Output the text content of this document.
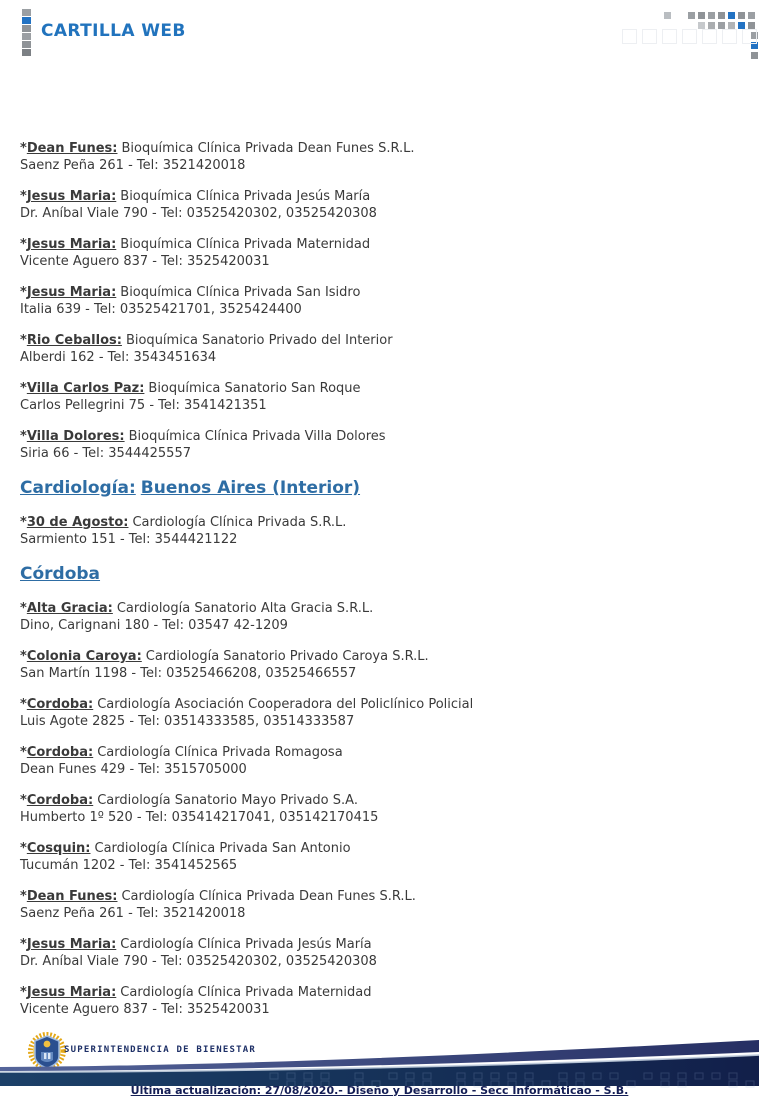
CARTILLA WEB

*Dean Funes: Bioquímica Clínica Privada Dean Funes S.R.L.
Saenz Peña 261 - Tel: 3521420018

*Jesus Maria: Bioquímica Clínica Privada Jesús María
Dr. Aníbal Viale 790 - Tel: 03525420302, 03525420308

*Jesus Maria: Bioquímica Clínica Privada Maternidad
Vicente Aguero 837 - Tel: 3525420031

*Jesus Maria: Bioquímica Clínica Privada San Isidro
Italia 639 - Tel: 03525421701, 3525424400

*Rio Ceballos: Bioquímica Sanatorio Privado del Interior
Alberdi 162 - Tel: 3543451634

*Villa Carlos Paz: Bioquímica Sanatorio San Roque
Carlos Pellegrini 75 - Tel: 3541421351

*Villa Dolores: Bioquímica Clínica Privada Villa Dolores
Siria 66 - Tel: 3544425557

Cardiología: Buenos Aires (Interior)

*30 de Agosto: Cardiología Clínica Privada S.R.L.
Sarmiento 151 - Tel: 3544421122

Córdoba

*Alta Gracia: Cardiología Sanatorio Alta Gracia S.R.L.
Dino, Carignani 180 - Tel: 03547 42-1209

*Colonia Caroya: Cardiología Sanatorio Privado Caroya S.R.L.
San Martín 1198 - Tel: 03525466208, 03525466557

*Cordoba: Cardiología Asociación Cooperadora del Policlínico Policial
Luis Agote 2825 - Tel: 03514333585, 03514333587

*Cordoba: Cardiología Clínica Privada Romagosa
Dean Funes 429 - Tel: 3515705000

*Cordoba: Cardiología Sanatorio Mayo Privado S.A.
Humberto 1º 520 - Tel: 035414217041, 035142170415

*Cosquin: Cardiología Clínica Privada San Antonio
Tucumán 1202 - Tel: 3541452565

*Dean Funes: Cardiología Clínica Privada Dean Funes S.R.L.
Saenz Peña 261 - Tel: 3521420018

*Jesus Maria: Cardiología Clínica Privada Jesús María
Dr. Aníbal Viale 790 - Tel: 03525420302, 03525420308

*Jesus Maria: Cardiología Clínica Privada Maternidad
Vicente Aguero 837 - Tel: 3525420031

SUPERINTENDENCIA DE BIENESTAR
Última actualización: 27/08/2020.- Diseño y Desarrollo - Secc Informáticao - S.B.
